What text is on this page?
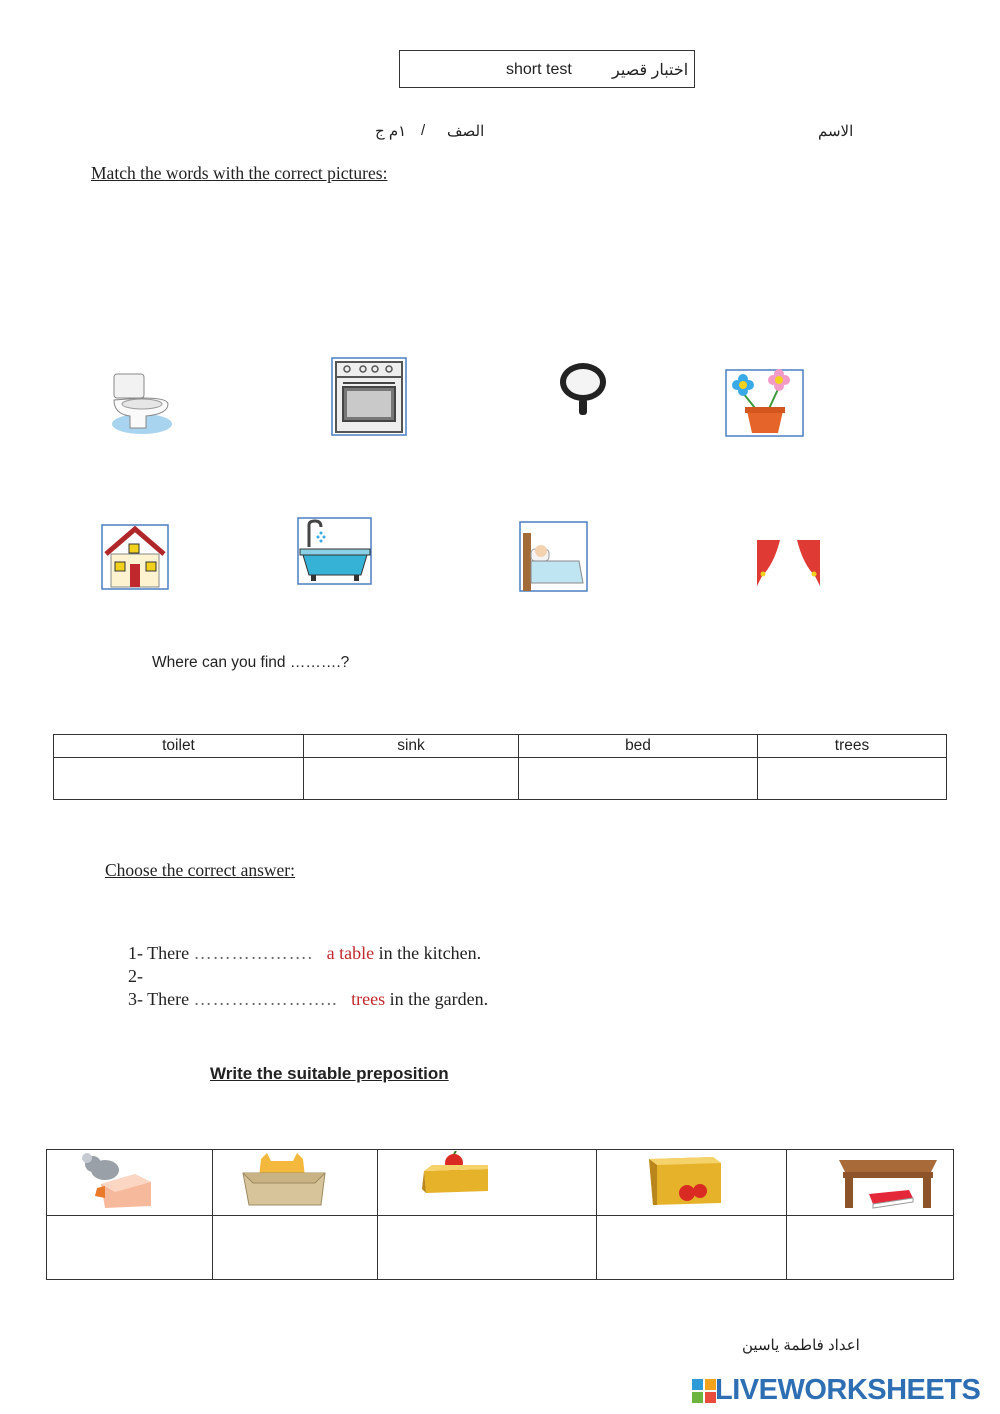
short test	اختبار قصير
١م ج / الصف	الاسم
Match the words with the correct pictures:
Where can you find ……….?
toilet	sink	bed	trees

Choose the correct answer:
1- There ………………. a table in the kitchen.
2-
3- There ………………….. trees in the garden.
Write the suitable preposition

اعداد فاطمة ياسين
LIVEWORKSHEETS
